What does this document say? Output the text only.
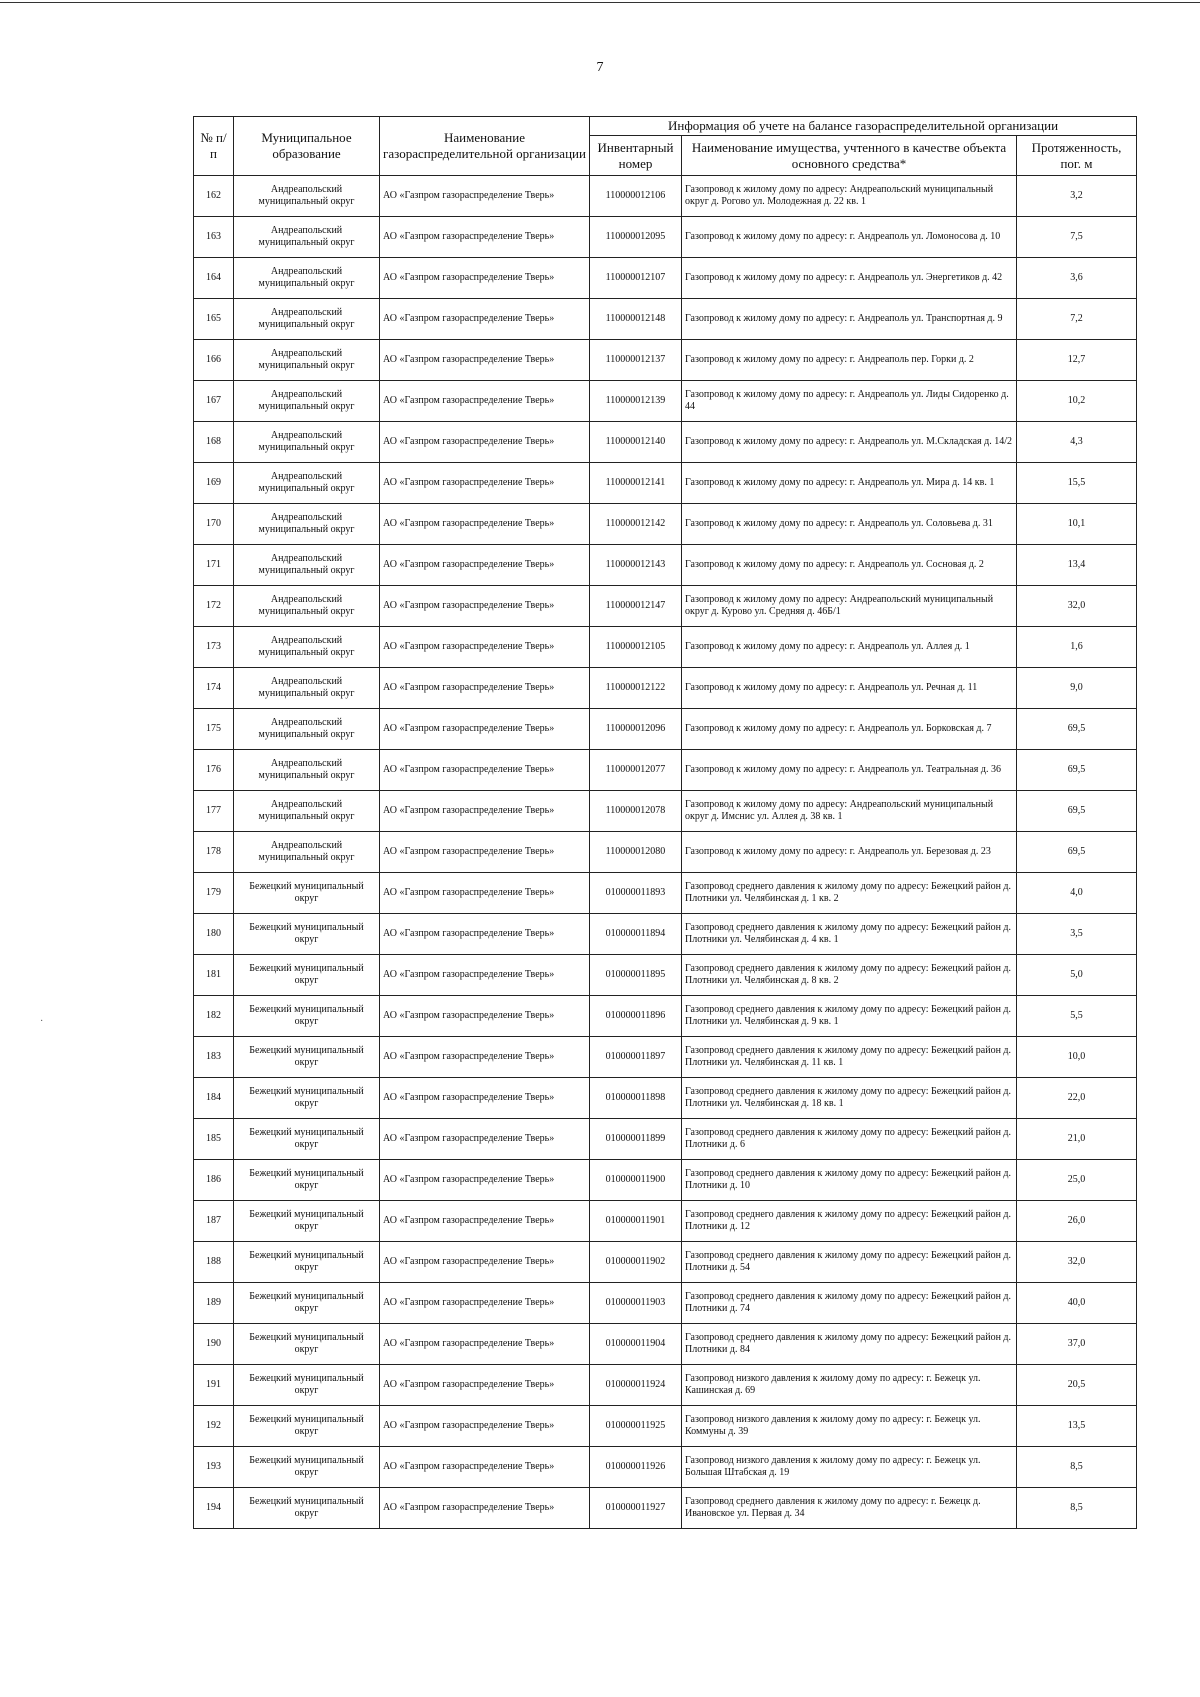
7
№ п/п	Муниципальное образование	Наименование газораспределительной организации	Информация об учете на балансе газораспределительной организации		
			Инвентарный номер	Наименование имущества, учтенного в качестве объекта основного средства*	Протяженность, пог. м
162	Андреапольский муниципальный округ	АО «Газпром газораспределение Тверь»	110000012106	Газопровод к жилому дому по адресу: Андреапольский муниципальный округ д. Рогово ул. Молодежная д. 22 кв. 1	3,2
163	Андреапольский муниципальный округ	АО «Газпром газораспределение Тверь»	110000012095	Газопровод к жилому дому по адресу: г. Андреаполь ул. Ломоносова д. 10	7,5
164	Андреапольский муниципальный округ	АО «Газпром газораспределение Тверь»	110000012107	Газопровод к жилому дому по адресу: г. Андреаполь ул. Энергетиков д. 42	3,6
165	Андреапольский муниципальный округ	АО «Газпром газораспределение Тверь»	110000012148	Газопровод к жилому дому по адресу: г. Андреаполь ул. Транспортная д. 9	7,2
166	Андреапольский муниципальный округ	АО «Газпром газораспределение Тверь»	110000012137	Газопровод к жилому дому по адресу: г. Андреаполь пер. Горки д. 2	12,7
167	Андреапольский муниципальный округ	АО «Газпром газораспределение Тверь»	110000012139	Газопровод к жилому дому по адресу: г. Андреаполь ул. Лиды Сидоренко д. 44	10,2
168	Андреапольский муниципальный округ	АО «Газпром газораспределение Тверь»	110000012140	Газопровод к жилому дому по адресу: г. Андреаполь ул. М.Складская д. 14/2	4,3
169	Андреапольский муниципальный округ	АО «Газпром газораспределение Тверь»	110000012141	Газопровод к жилому дому по адресу: г. Андреаполь ул. Мира д. 14 кв. 1	15,5
170	Андреапольский муниципальный округ	АО «Газпром газораспределение Тверь»	110000012142	Газопровод к жилому дому по адресу: г. Андреаполь ул. Соловьева д. 31	10,1
171	Андреапольский муниципальный округ	АО «Газпром газораспределение Тверь»	110000012143	Газопровод к жилому дому по адресу: г. Андреаполь ул. Сосновая д. 2	13,4
172	Андреапольский муниципальный округ	АО «Газпром газораспределение Тверь»	110000012147	Газопровод к жилому дому по адресу: Андреапольский муниципальный округ д. Курово ул. Средняя д. 46Б/1	32,0
173	Андреапольский муниципальный округ	АО «Газпром газораспределение Тверь»	110000012105	Газопровод к жилому дому по адресу: г. Андреаполь ул. Аллея д. 1	1,6
174	Андреапольский муниципальный округ	АО «Газпром газораспределение Тверь»	110000012122	Газопровод к жилому дому по адресу: г. Андреаполь ул. Речная д. 11	9,0
175	Андреапольский муниципальный округ	АО «Газпром газораспределение Тверь»	110000012096	Газопровод к жилому дому по адресу: г. Андреаполь ул. Борковская д. 7	69,5
176	Андреапольский муниципальный округ	АО «Газпром газораспределение Тверь»	110000012077	Газопровод к жилому дому по адресу: г. Андреаполь ул. Театральная д. 36	69,5
177	Андреапольский муниципальный округ	АО «Газпром газораспределение Тверь»	110000012078	Газопровод к жилому дому по адресу: Андреапольский муниципальный округ д. Имснис ул. Аллея д. 38 кв. 1	69,5
178	Андреапольский муниципальный округ	АО «Газпром газораспределение Тверь»	110000012080	Газопровод к жилому дому по адресу: г. Андреаполь ул. Березовая д. 23	69,5
179	Бежецкий муниципальный округ	АО «Газпром газораспределение Тверь»	010000011893	Газопровод среднего давления к жилому дому по адресу: Бежецкий район д. Плотники ул. Челябинская д. 1 кв. 2	4,0
180	Бежецкий муниципальный округ	АО «Газпром газораспределение Тверь»	010000011894	Газопровод среднего давления к жилому дому по адресу: Бежецкий район д. Плотники ул. Челябинская д. 4 кв. 1	3,5
181	Бежецкий муниципальный округ	АО «Газпром газораспределение Тверь»	010000011895	Газопровод среднего давления к жилому дому по адресу: Бежецкий район д. Плотники ул. Челябинская д. 8 кв. 2	5,0
182	Бежецкий муниципальный округ	АО «Газпром газораспределение Тверь»	010000011896	Газопровод среднего давления к жилому дому по адресу: Бежецкий район д. Плотники ул. Челябинская д. 9 кв. 1	5,5
183	Бежецкий муниципальный округ	АО «Газпром газораспределение Тверь»	010000011897	Газопровод среднего давления к жилому дому по адресу: Бежецкий район д. Плотники ул. Челябинская д. 11 кв. 1	10,0
184	Бежецкий муниципальный округ	АО «Газпром газораспределение Тверь»	010000011898	Газопровод среднего давления к жилому дому по адресу: Бежецкий район д. Плотники ул. Челябинская д. 18 кв. 1	22,0
185	Бежецкий муниципальный округ	АО «Газпром газораспределение Тверь»	010000011899	Газопровод среднего давления к жилому дому по адресу: Бежецкий район д. Плотники д. 6	21,0
186	Бежецкий муниципальный округ	АО «Газпром газораспределение Тверь»	010000011900	Газопровод среднего давления к жилому дому по адресу: Бежецкий район д. Плотники д. 10	25,0
187	Бежецкий муниципальный округ	АО «Газпром газораспределение Тверь»	010000011901	Газопровод среднего давления к жилому дому по адресу: Бежецкий район д. Плотники д. 12	26,0
188	Бежецкий муниципальный округ	АО «Газпром газораспределение Тверь»	010000011902	Газопровод среднего давления к жилому дому по адресу: Бежецкий район д. Плотники д. 54	32,0
189	Бежецкий муниципальный округ	АО «Газпром газораспределение Тверь»	010000011903	Газопровод среднего давления к жилому дому по адресу: Бежецкий район д. Плотники д. 74	40,0
190	Бежецкий муниципальный округ	АО «Газпром газораспределение Тверь»	010000011904	Газопровод среднего давления к жилому дому по адресу: Бежецкий район д. Плотники д. 84	37,0
191	Бежецкий муниципальный округ	АО «Газпром газораспределение Тверь»	010000011924	Газопровод низкого давления к жилому дому по адресу: г. Бежецк ул. Кашинская д. 69	20,5
192	Бежецкий муниципальный округ	АО «Газпром газораспределение Тверь»	010000011925	Газопровод низкого давления к жилому дому по адресу: г. Бежецк ул. Коммуны д. 39	13,5
193	Бежецкий муниципальный округ	АО «Газпром газораспределение Тверь»	010000011926	Газопровод низкого давления к жилому дому по адресу: г. Бежецк ул. Большая Штабская д. 19	8,5
194	Бежецкий муниципальный округ	АО «Газпром газораспределение Тверь»	010000011927	Газопровод среднего давления к жилому дому по адресу: г. Бежецк д. Ивановское ул. Первая д. 34	8,5
·
